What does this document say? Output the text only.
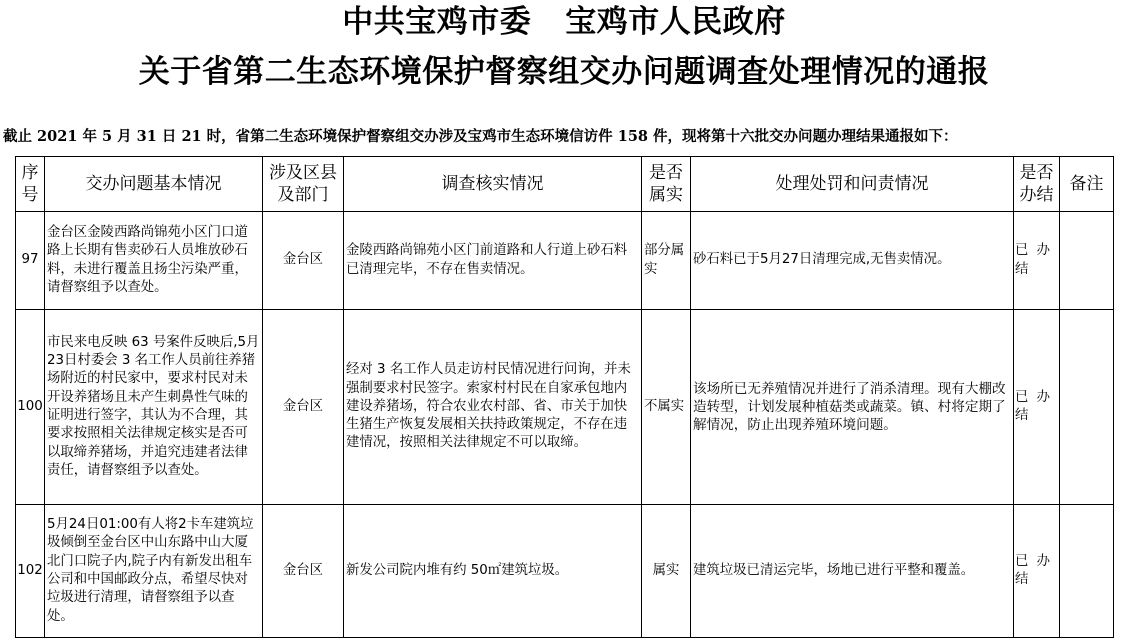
中共宝鸡市委 宝鸡市人民政府
关于省第二生态环境保护督察组交办问题调查处理情况的通报
截止 2021 年 5 月 31 日 21 时，省第二生态环境保护督察组交办涉及宝鸡市生态环境信访件 158 件，现将第十六批交办问题办理结果通报如下：
序号	交办问题基本情况	涉及区县及部门	调查核实情况	是否属实	处理处罚和问责情况	是否办结	备注
97	金台区金陵西路尚锦苑小区门口道路上长期有售卖砂石人员堆放砂石料，未进行覆盖且扬尘污染严重，请督察组予以查处。	金台区	金陵西路尚锦苑小区门前道路和人行道上砂石料已清理完毕，不存在售卖情况。	部分属实	砂石料已于5月27日清理完成,无售卖情况。	已 办结	
100	市民来电反映 63 号案件反映后,5月23日村委会 3 名工作人员前往养猪场附近的村民家中，要求村民对未开设养猪场且未产生刺鼻性气味的证明进行签字，其认为不合理，其要求按照相关法律规定核实是否可以取缔养猪场，并追究违建者法律责任，请督察组予以查处。	金台区	经对 3 名工作人员走访村民情况进行问询，并未强制要求村民签字。索家村村民在自家承包地内建设养猪场，符合农业农村部、省、市关于加快生猪生产恢复发展相关扶持政策规定，不存在违建情况，按照相关法律规定不可以取缔。	不属实	该场所已无养殖情况并进行了消杀清理。现有大棚改造转型，计划发展种植菇类或蔬菜。镇、村将定期了解情况，防止出现养殖环境问题。	已 办结	
102	5月24日01:00有人将2卡车建筑垃圾倾倒至金台区中山东路中山大厦北门口院子内,院子内有新发出租车公司和中国邮政分点，希望尽快对垃圾进行清理，请督察组予以查处。	金台区	新发公司院内堆有约 50㎡建筑垃圾。	属实	建筑垃圾已清运完毕，场地已进行平整和覆盖。	已 办结	
